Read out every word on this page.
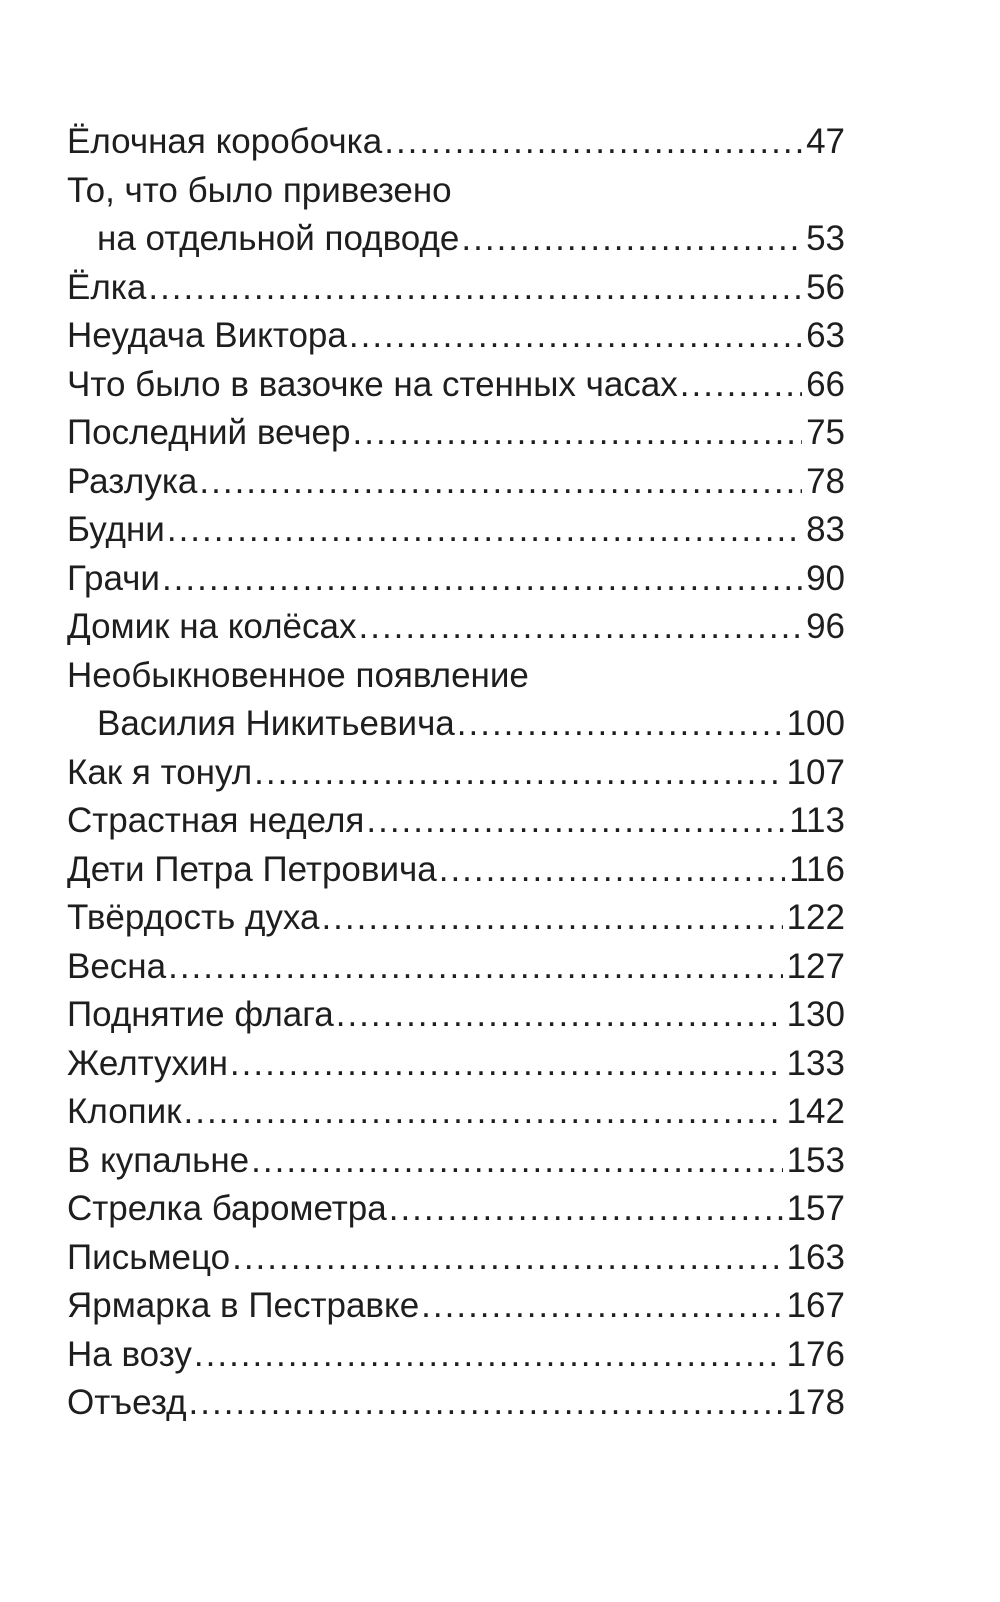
Ёлочная коробочка .....	47
То, что было привезено
на отдельной подводе .....	53
Ёлка .....	56
Неудача Виктора .....	63
Что было в вазочке на стенных часах .....	66
Последний вечер .....	75
Разлука .....	78
Будни .....	83
Грачи .....	90
Домик на колёсах .....	96
Необыкновенное появление
Василия Никитьевича .....	100
Как я тонул .....	107
Страстная неделя .....	113
Дети Петра Петровича .....	116
Твёрдость духа .....	122
Весна .....	127
Поднятие флага .....	130
Желтухин .....	133
Клопик .....	142
В купальне .....	153
Стрелка барометра .....	157
Письмецо .....	163
Ярмарка в Пестравке .....	167
На возу .....	176
Отъезд .....	178
